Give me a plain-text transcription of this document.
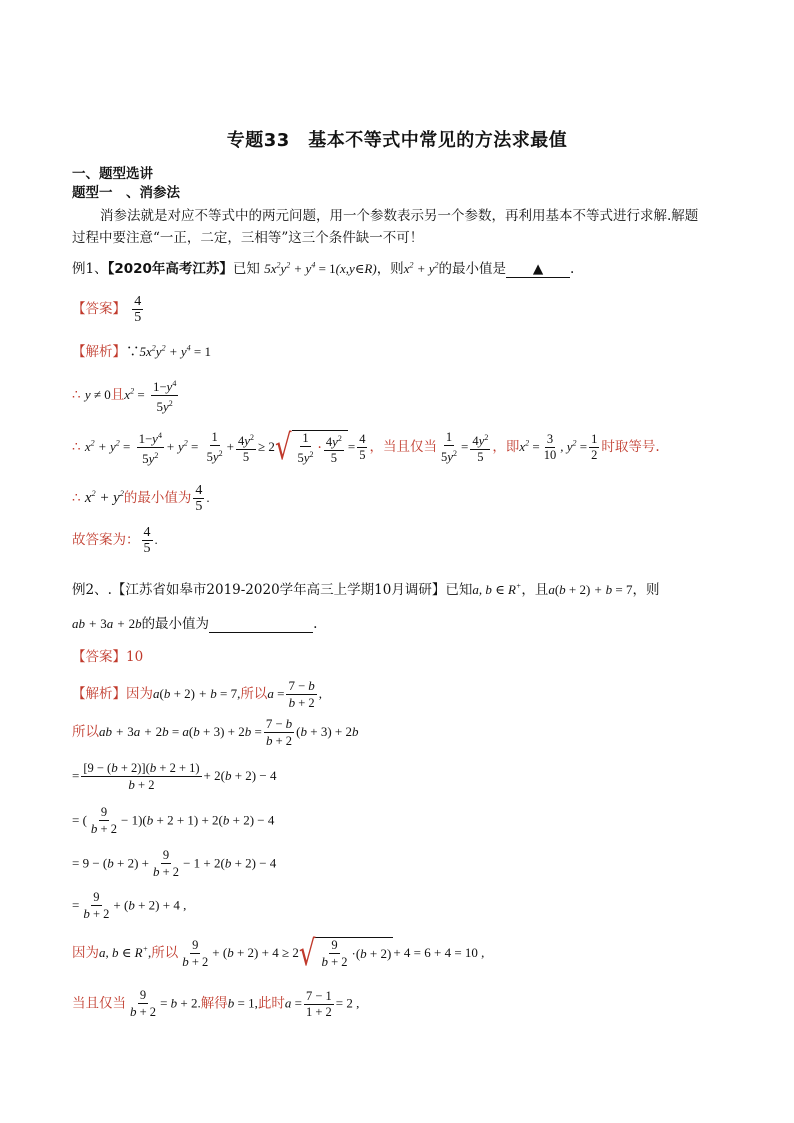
专题33　基本不等式中常见的方法求最值
一、题型选讲
题型一　、消参法
消参法就是对应不等式中的两元问题，用一个参数表示另一个参数，再利用基本不等式进行求解.解题
过程中要注意“一正，二定，三相等”这三个条件缺一不可！
例1、【2020年高考江苏】已知 $5x^2y^2 + y^4$ = 1(x,y∈R)，则$x^2 + y^2$的最小值是 ▲ .
【答案】 $\frac{4}{5}$
【解析】$\because 5x^2y^2 + y^4 = 1$
∴ y ≠ 0且$x^2 = \frac{1-y^4}{5y^2}$
∴ $x^2 + y^2 = \frac{1-y^4}{5y^2} + y^2 = \frac{1}{5y^2} + \frac{4y^2}{5} \ge 2$ √ $\frac{1}{5y^2} \cdot \frac{4y^2}{5} = \frac{4}{5}$ ，当且仅当 $\frac{1}{5y^2} = \frac{4y^2}{5}$ ，即$x^2 = \frac{3}{10}$ , $y^2 = \frac{1}{2}$ 时取等号.
∴ $x^2 + y^2$的最小值为 $\frac{4}{5}$ .
故答案为： $\frac{4}{5}$ .
例2、.【江苏省如皋市2019-2020学年高三上学期10月调研】已知a, b ∈ R+，且a(b + 2) + b = 7，则
ab + 3a + 2b的最小值为	.
【答案】10
【解析】因为a(b + 2) + b = 7,所以$a = \frac{7 - b}{b + 2}$ ,
所以ab + $3a + 2b = a(b + 3) + 2b = \frac{7 - b}{b + 2} (b + 3) + 2b$
= $\frac{[9 - (b + 2)](b + 2 + 1)}{b + 2} + 2(b + 2) - 4$
= ( $\frac{9}{b + 2} - 1)(b + 2 + 1) + 2(b + 2) - 4$
= $9 - (b + 2) + \frac{9}{b + 2} - 1 + 2(b + 2) - 4$
= $\frac{9}{b + 2} + (b + 2) + 4$ ,
因为a, b ∈ R+,所以 $\frac{9}{b + 2} + (b + 2) + 4 \ge 2$ √ $\frac{9}{b + 2} \cdot(b + 2) + 4 = 6 + 4 = 10$ ,
当且仅当 $\frac{9}{b + 2} = b + 2$.解得b = 1,此时$a = \frac{7 - 1}{1 + 2} = 2$ ,
